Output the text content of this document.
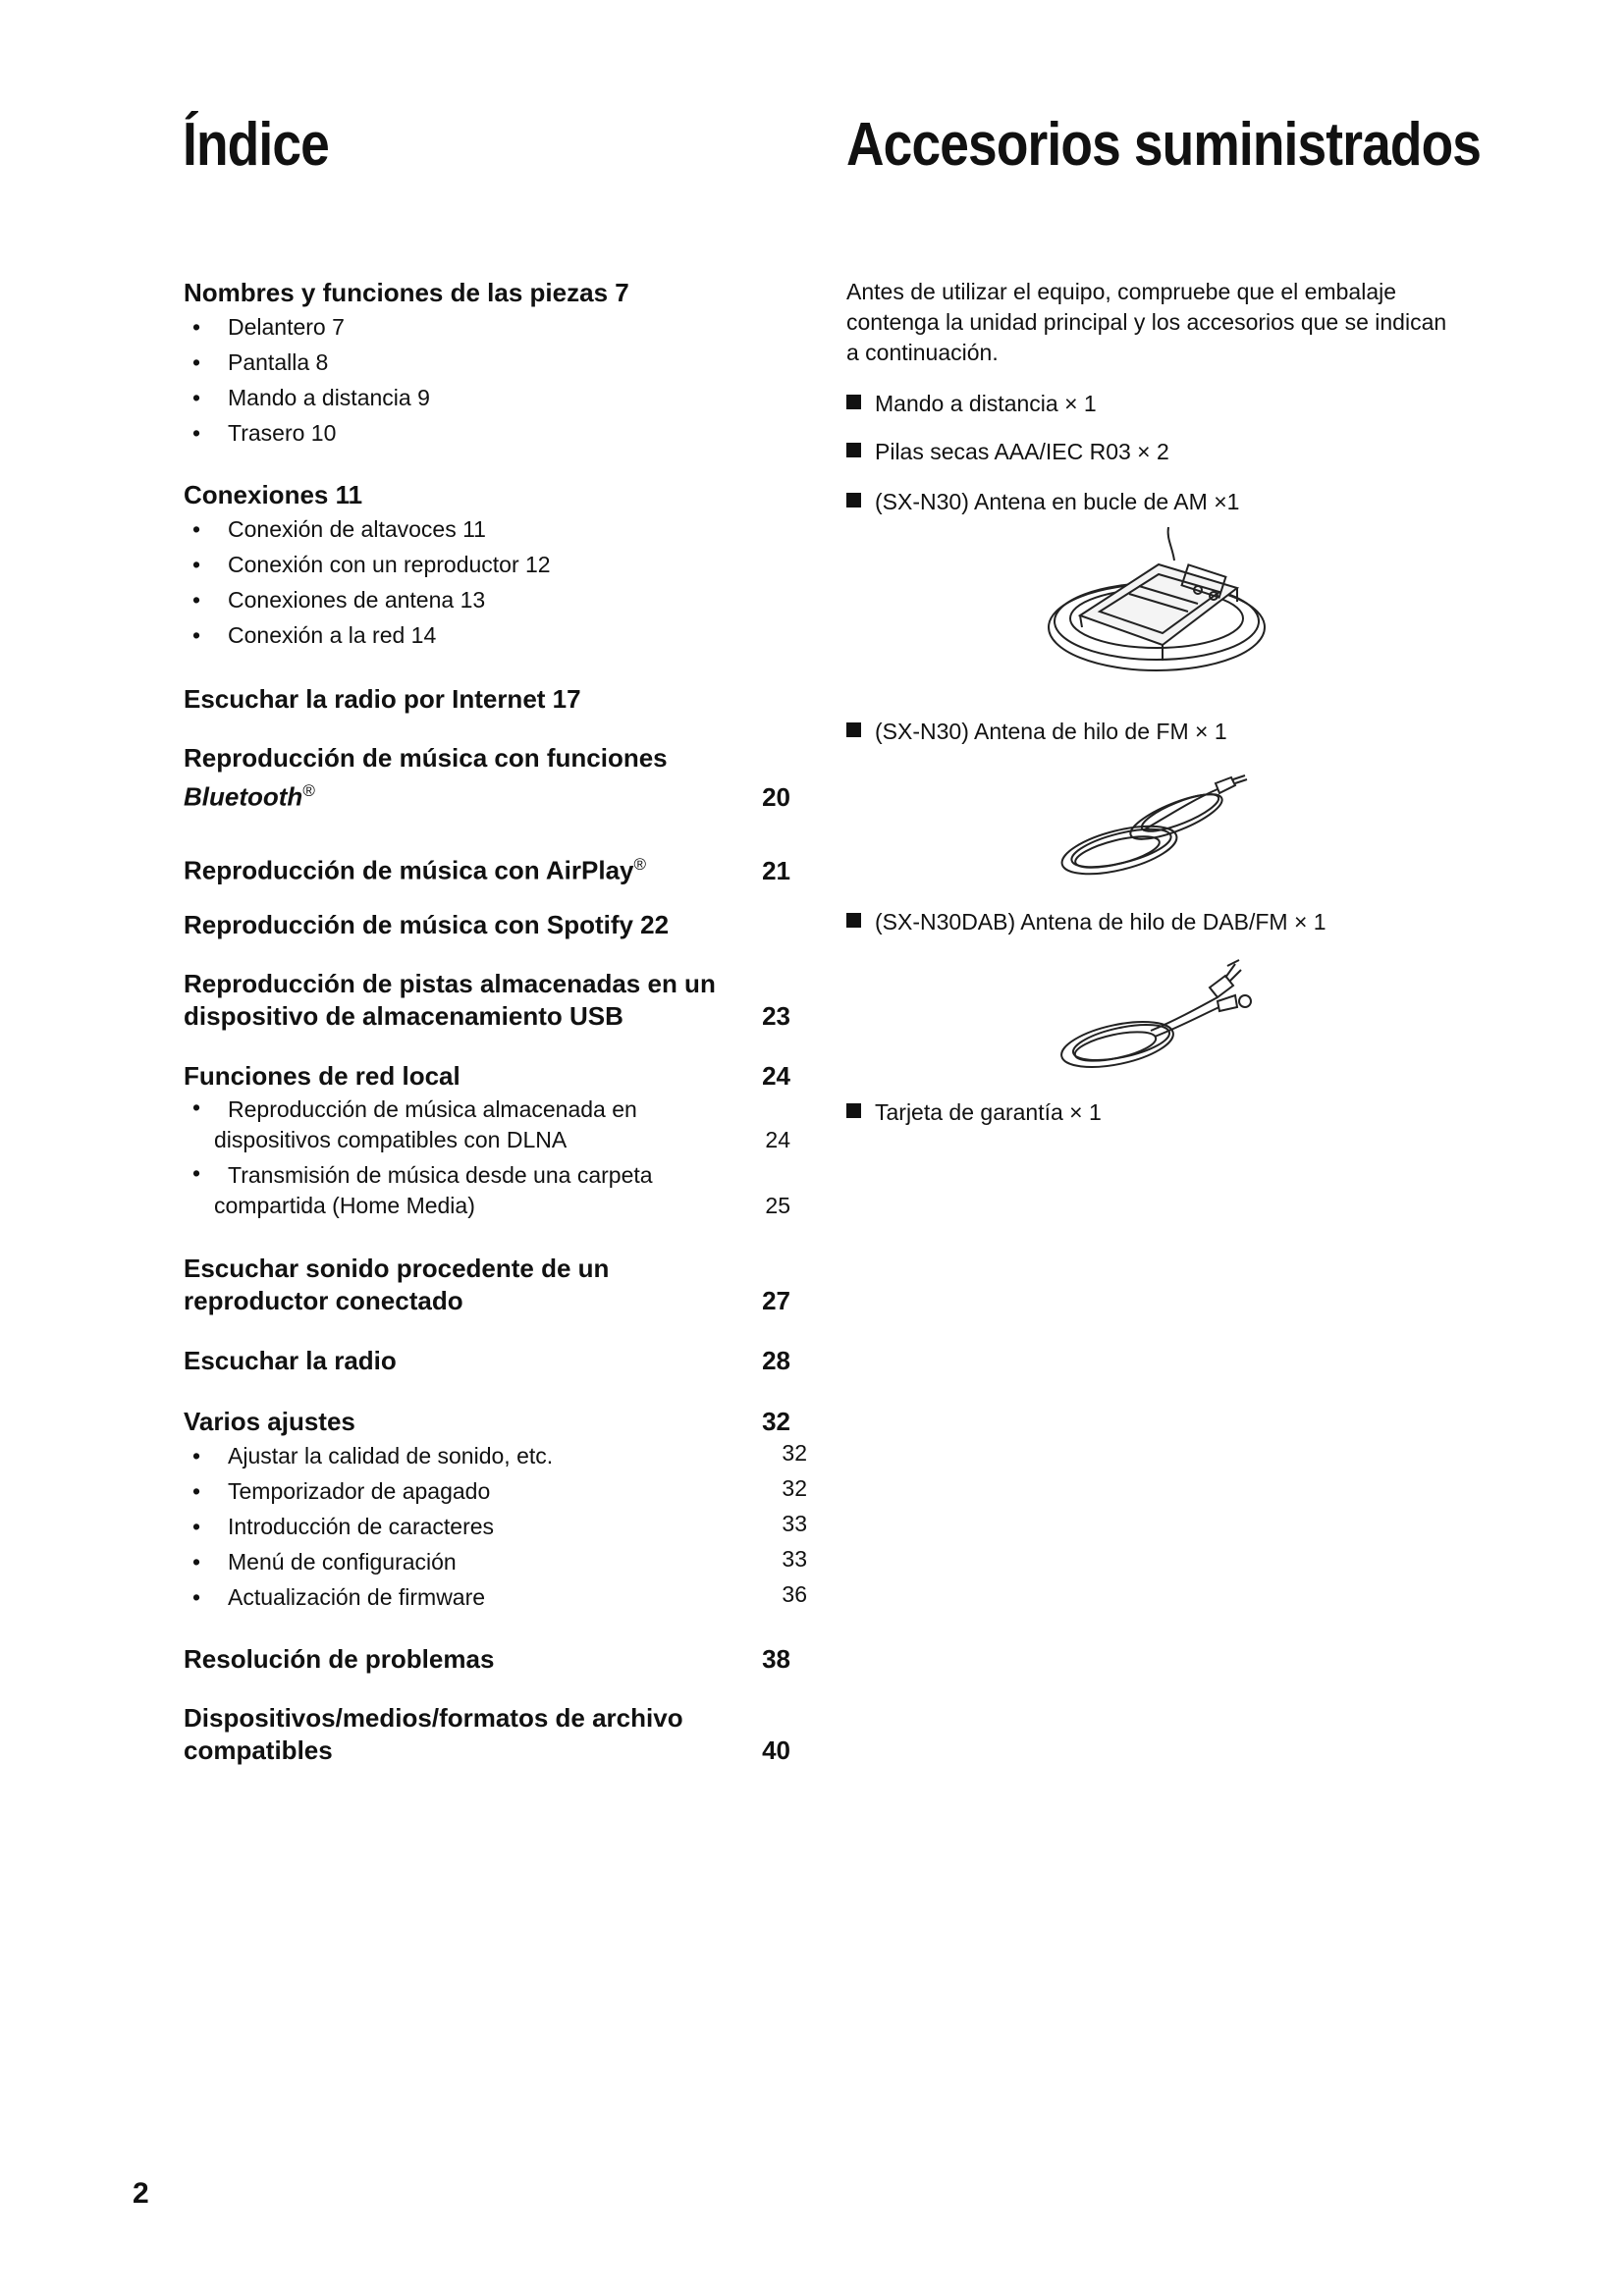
Índice	Accesorios suministrados
Nombres y funciones de las piezas 7
• Delantero 7
• Pantalla 8
• Mando a distancia 9
• Trasero 10
Conexiones 11
• Conexión de altavoces 11
• Conexión con un reproductor 12
• Conexiones de antena 13
• Conexión a la red 14
Escuchar la radio por Internet 17
Reproducción de música con funciones
Bluetooth®	20
Reproducción de música con AirPlay®	21
Reproducción de música con Spotify 22
Reproducción de pistas almacenadas en un
dispositivo de almacenamiento USB	23
Funciones de red local	24
• Reproducción de música almacenada en
dispositivos compatibles con DLNA	24
• Transmisión de música desde una carpeta
compartida (Home Media)	25
Escuchar sonido procedente de un
reproductor conectado	27
Escuchar la radio	28
Varios ajustes	32
• Ajustar la calidad de sonido, etc.	32
• Temporizador de apagado	32
• Introducción de caracteres	33
• Menú de configuración	33
• Actualización de firmware	36
Resolución de problemas	38
Dispositivos/medios/formatos de archivo
compatibles	40

Antes de utilizar el equipo, compruebe que el embalaje contenga la unidad principal y los accesorios que se indican a continuación.

Mando a distancia × 1
Pilas secas AAA/IEC R03 × 2
(SX-N30) Antena en bucle de AM ×1
(SX-N30) Antena de hilo de FM × 1
(SX-N30DAB) Antena de hilo de DAB/FM × 1
Tarjeta de garantía × 1
2
